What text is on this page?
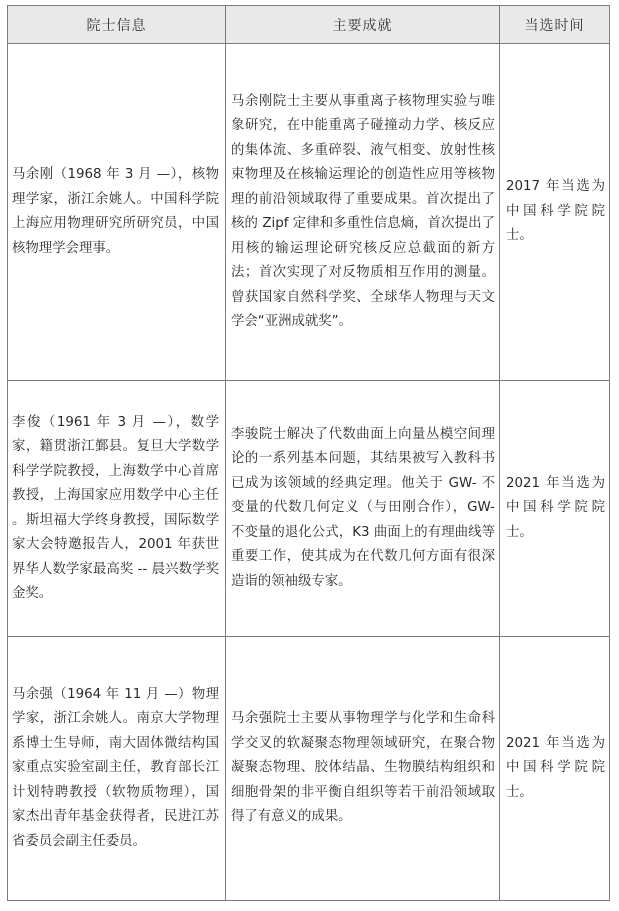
院士信息	主要成就	当选时间
马余刚（1968 年 3 月 —），核物理学家，浙江余姚人。中国科学院上海应用物理研究所研究员，中国核物理学会理事。	马余刚院士主要从事重离子核物理实验与唯象研究，在中能重离子碰撞动力学、核反应的集体流、多重碎裂、液气相变、放射性核束物理及在核输运理论的创造性应用等核物理的前沿领域取得了重要成果。首次提出了核的 Zipf 定律和多重性信息熵，首次提出了用核的输运理论研究核反应总截面的新方法；首次实现了对反物质相互作用的测量。曾获国家自然科学奖、全球华人物理与天文学会“亚洲成就奖”。	2017 年当选为中国科学院院士。
李俊（1961 年 3 月 —），数学家，籍贯浙江鄞县。复旦大学数学科学学院教授，上海数学中心首席教授，上海国家应用数学中心主任 。斯坦福大学终身教授，国际数学家大会特邀报告人，2001 年获世界华人数学家最高奖 -- 晨兴数学奖金奖。	李骏院士解决了代数曲面上向量丛模空间理论的一系列基本问题，其结果被写入教科书已成为该领域的经典定理。他关于 GW- 不变量的代数几何定义（与田刚合作），GW- 不变量的退化公式，K3 曲面上的有理曲线等重要工作，使其成为在代数几何方面有很深造诣的领袖级专家。	2021 年当选为中国科学院院士。
马余强（1964 年 11 月 —）物理学家，浙江余姚人。南京大学物理系博士生导师，南大固体微结构国家重点实验室副主任，教育部长江计划特聘教授（软物质物理），国家杰出青年基金获得者，民进江苏省委员会副主任委员。	马余强院士主要从事物理学与化学和生命科学交叉的软凝聚态物理领域研究，在聚合物凝聚态物理、胶体结晶、生物膜结构组织和细胞骨架的非平衡自组织等若干前沿领域取得了有意义的成果。	2021 年当选为中国科学院院士。
